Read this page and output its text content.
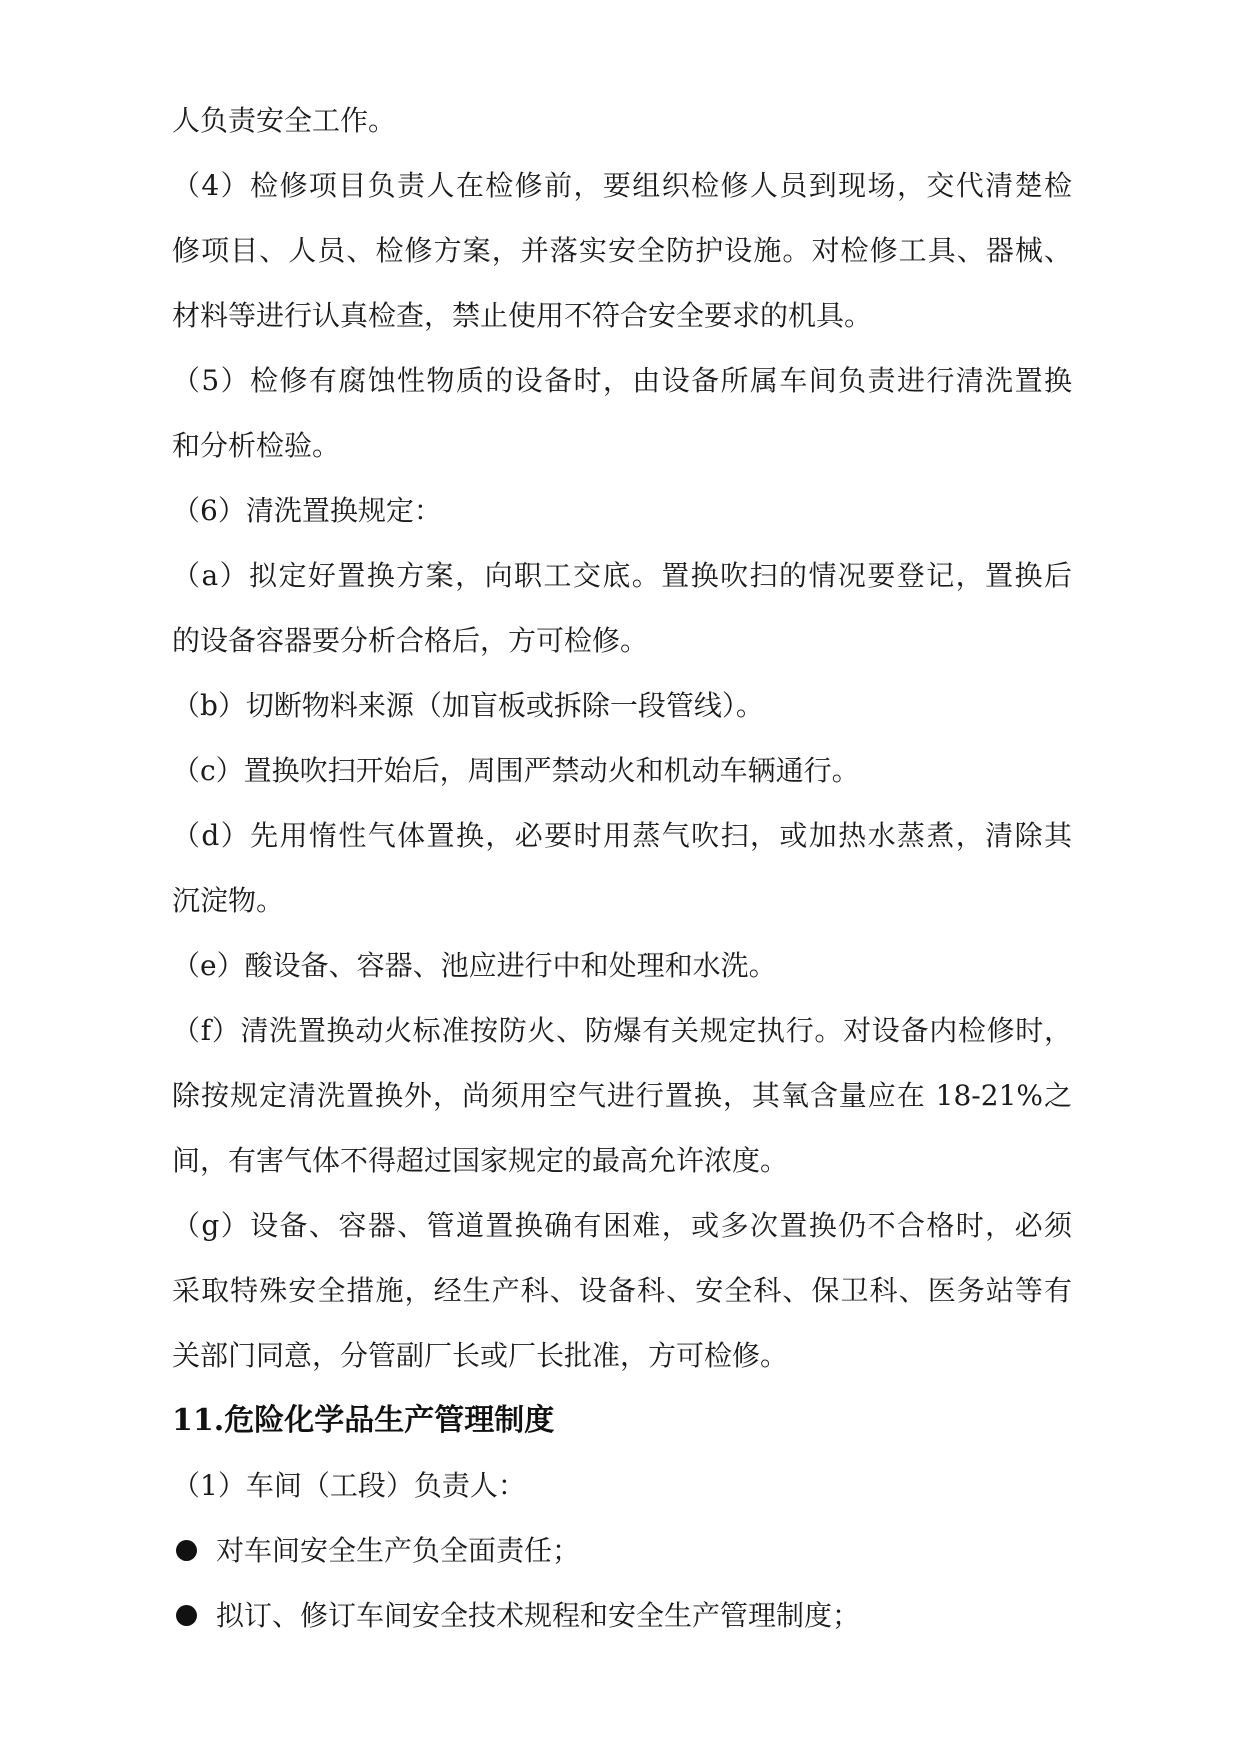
人负责安全工作。
（4）检修项目负责人在检修前，要组织检修人员到现场，交代清楚检
修项目、人员、检修方案，并落实安全防护设施。对检修工具、器械、
材料等进行认真检查，禁止使用不符合安全要求的机具。
（5）检修有腐蚀性物质的设备时，由设备所属车间负责进行清洗置换
和分析检验。
（6）清洗置换规定：
（a）拟定好置换方案，向职工交底。置换吹扫的情况要登记，置换后
的设备容器要分析合格后，方可检修。
（b）切断物料来源（加盲板或拆除一段管线）。
（c）置换吹扫开始后，周围严禁动火和机动车辆通行。
（d）先用惰性气体置换，必要时用蒸气吹扫，或加热水蒸煮，清除其
沉淀物。
（e）酸设备、容器、池应进行中和处理和水洗。
（f）清洗置换动火标准按防火、防爆有关规定执行。对设备内检修时，
除按规定清洗置换外，尚须用空气进行置换，其氧含量应在 18-21%之
间，有害气体不得超过国家规定的最高允许浓度。
（g）设备、容器、管道置换确有困难，或多次置换仍不合格时，必须
采取特殊安全措施，经生产科、设备科、安全科、保卫科、医务站等有
关部门同意，分管副厂长或厂长批准，方可检修。
11.危险化学品生产管理制度
（1）车间（工段）负责人：
对车间安全生产负全面责任；
拟订、修订车间安全技术规程和安全生产管理制度；
